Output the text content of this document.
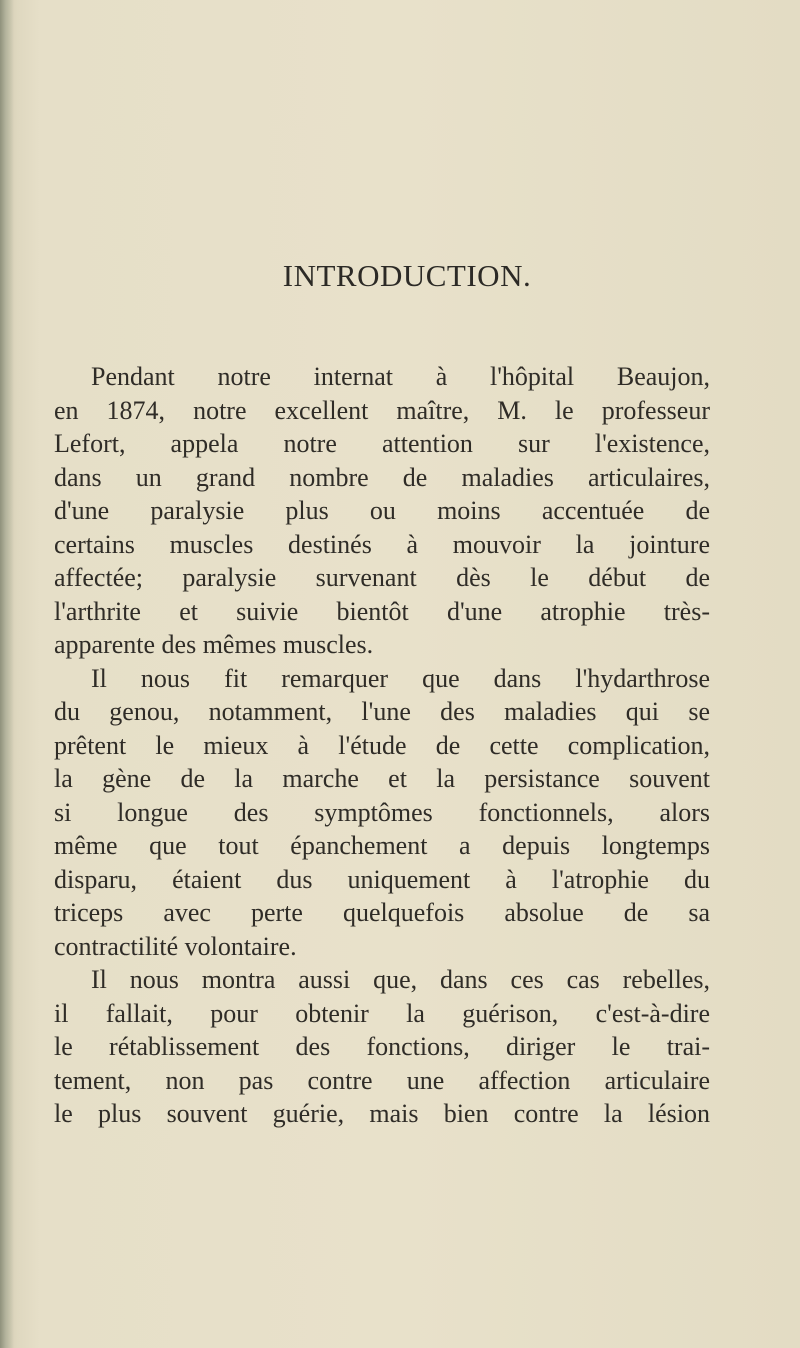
INTRODUCTION.
Pendant notre internat à l'hôpital Beaujon,
en 1874, notre excellent maître, M. le professeur
Lefort, appela notre attention sur l'existence,
dans un grand nombre de maladies articulaires,
d'une paralysie plus ou moins accentuée de
certains muscles destinés à mouvoir la jointure
affectée; paralysie survenant dès le début de
l'arthrite et suivie bientôt d'une atrophie très-
apparente des mêmes muscles.
Il nous fit remarquer que dans l'hydarthrose
du genou, notamment, l'une des maladies qui se
prêtent le mieux à l'étude de cette complication,
la gène de la marche et la persistance souvent
si longue des symptômes fonctionnels, alors
même que tout épanchement a depuis longtemps
disparu, étaient dus uniquement à l'atrophie du
triceps avec perte quelquefois absolue de sa
contractilité volontaire.
Il nous montra aussi que, dans ces cas rebelles,
il fallait, pour obtenir la guérison, c'est-à-dire
le rétablissement des fonctions, diriger le trai-
tement, non pas contre une affection articulaire
le plus souvent guérie, mais bien contre la lésion
